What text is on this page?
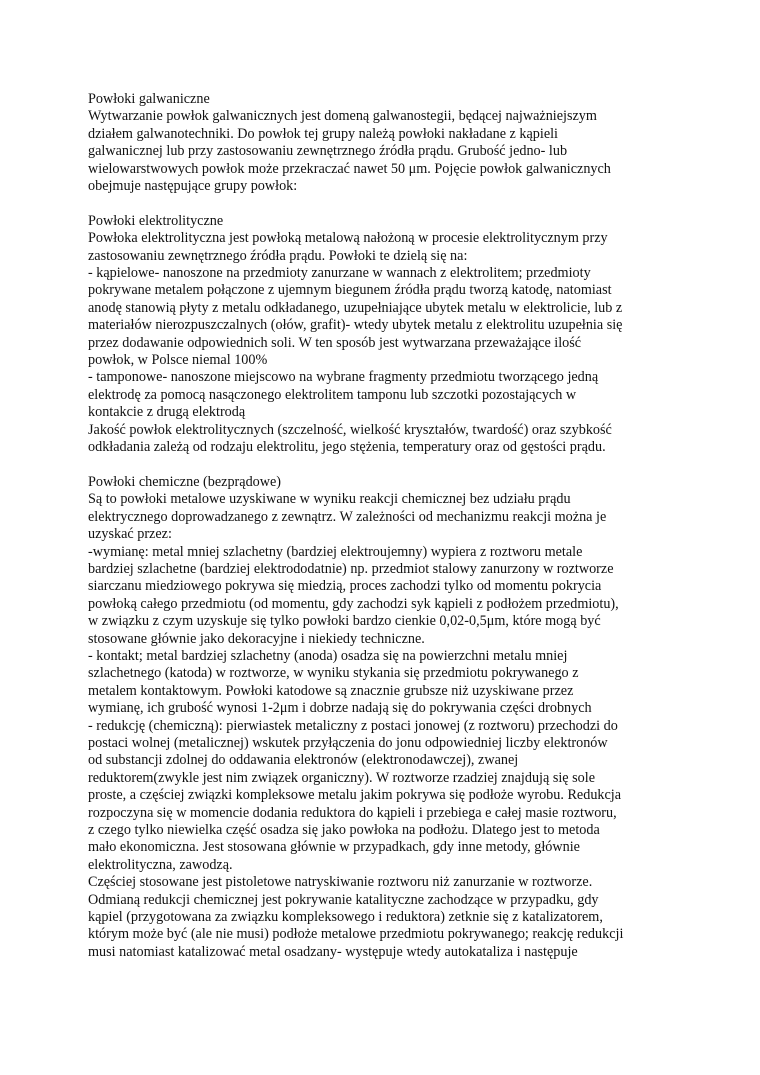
Powłoki galwaniczne
Wytwarzanie powłok galwanicznych jest domeną galwanostegii, będącej najważniejszym
działem galwanotechniki. Do powłok tej grupy należą powłoki nakładane z kąpieli
galwanicznej lub przy zastosowaniu zewnętrznego źródła prądu. Grubość jedno- lub
wielowarstwowych powłok może przekraczać nawet 50 μm. Pojęcie powłok galwanicznych
obejmuje następujące grupy powłok:
Powłoki elektrolityczne
Powłoka elektrolityczna jest powłoką metalową nałożoną w procesie elektrolitycznym przy
zastosowaniu zewnętrznego źródła prądu. Powłoki te dzielą się na:
- kąpielowe- nanoszone na przedmioty zanurzane w wannach z elektrolitem; przedmioty
pokrywane metalem połączone z ujemnym biegunem źródła prądu tworzą katodę, natomiast
anodę stanowią płyty z metalu odkładanego, uzupełniające ubytek metalu w elektrolicie, lub z
materiałów nierozpuszczalnych (ołów, grafit)- wtedy ubytek metalu z elektrolitu uzupełnia się
przez dodawanie odpowiednich soli. W ten sposób jest wytwarzana przeważające ilość
powłok, w Polsce niemal 100%
- tamponowe- nanoszone miejscowo na wybrane fragmenty przedmiotu tworzącego jedną
elektrodę za pomocą nasączonego elektrolitem tamponu lub szczotki pozostających w
kontakcie z drugą elektrodą
Jakość powłok elektrolitycznych (szczelność, wielkość kryształów, twardość) oraz szybkość
odkładania zależą od rodzaju elektrolitu, jego stężenia, temperatury oraz od gęstości prądu.
Powłoki chemiczne (bezprądowe)
Są to powłoki metalowe uzyskiwane w wyniku reakcji chemicznej bez udziału prądu
elektrycznego doprowadzanego z zewnątrz. W zależności od mechanizmu reakcji można je
uzyskać przez:
-wymianę: metal mniej szlachetny (bardziej elektroujemny) wypiera z roztworu metale
bardziej szlachetne (bardziej elektrododatnie) np. przedmiot stalowy zanurzony w roztworze
siarczanu miedziowego pokrywa się miedzią, proces zachodzi tylko od momentu pokrycia
powłoką całego przedmiotu (od momentu, gdy zachodzi syk kąpieli z podłożem przedmiotu),
w związku z czym uzyskuje się tylko powłoki bardzo cienkie 0,02-0,5μm, które mogą być
stosowane głównie jako dekoracyjne i niekiedy techniczne.
- kontakt; metal bardziej szlachetny (anoda) osadza się na powierzchni metalu mniej
szlachetnego (katoda) w roztworze, w wyniku stykania się przedmiotu pokrywanego z
metalem kontaktowym. Powłoki katodowe są znacznie grubsze niż uzyskiwane przez
wymianę, ich grubość wynosi 1-2μm i dobrze nadają się do pokrywania części drobnych
- redukcję (chemiczną): pierwiastek metaliczny z postaci jonowej (z roztworu) przechodzi do
postaci wolnej (metalicznej) wskutek przyłączenia do jonu odpowiedniej liczby elektronów
od substancji zdolnej do oddawania elektronów (elektronodawczej), zwanej
reduktorem(zwykle jest nim związek organiczny). W roztworze rzadziej znajdują się sole
proste, a częściej związki kompleksowe metalu jakim pokrywa się podłoże wyrobu. Redukcja
rozpoczyna się w momencie dodania reduktora do kąpieli i przebiega e całej masie roztworu,
z czego tylko niewielka część osadza się jako powłoka na podłożu. Dlatego jest to metoda
mało ekonomiczna. Jest stosowana głównie w przypadkach, gdy inne metody, głównie
elektrolityczna, zawodzą.
Częściej stosowane jest pistoletowe natryskiwanie roztworu niż zanurzanie w roztworze.
Odmianą redukcji chemicznej jest pokrywanie katalityczne zachodzące w przypadku, gdy
kąpiel (przygotowana za związku kompleksowego i reduktora) zetknie się z katalizatorem,
którym może być (ale nie musi) podłoże metalowe przedmiotu pokrywanego; reakcję redukcji
musi natomiast katalizować metal osadzany- występuje wtedy autokataliza i następuje
